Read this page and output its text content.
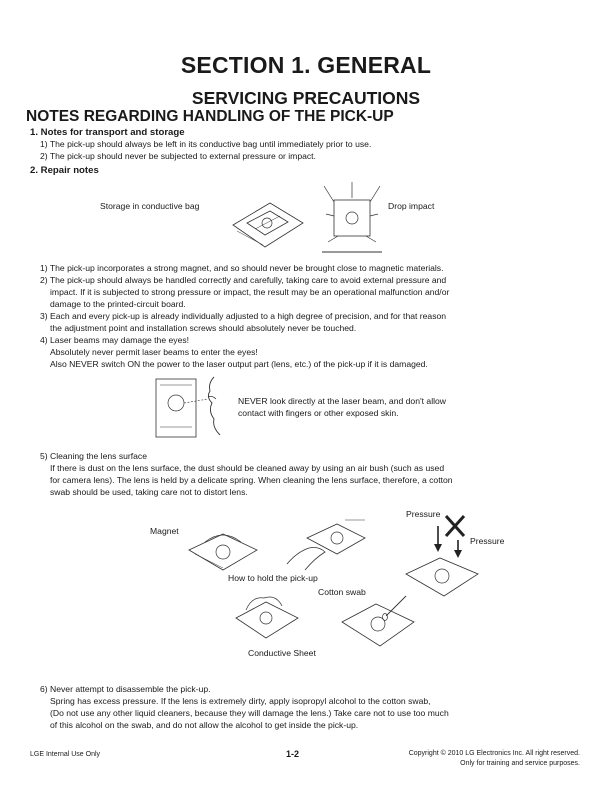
SECTION 1. GENERAL
SERVICING PRECAUTIONS
NOTES REGARDING HANDLING OF THE PICK-UP
1. Notes for transport and storage
1) The pick-up should always be left in its conductive bag until immediately prior to use.
2) The pick-up should never be subjected to external pressure or impact.
2. Repair notes
Storage in conductive bag	Drop impact
1) The pick-up incorporates a strong magnet, and so should never be brought close to magnetic materials.
2) The pick-up should always be handled correctly and carefully, taking care to avoid external pressure and
impact. If it is subjected to strong pressure or impact, the result may be an operational malfunction and/or
damage to the printed-circuit board.
3) Each and every pick-up is already individually adjusted to a high degree of precision, and for that reason
the adjustment point and installation screws should absolutely never be touched.
4) Laser beams may damage the eyes!
Absolutely never permit laser beams to enter the eyes!
Also NEVER switch ON the power to the laser output part (lens, etc.) of the pick-up if it is damaged.
NEVER look directly at the laser beam, and don't allow
contact with fingers or other exposed skin.
5) Cleaning the lens surface
If there is dust on the lens surface, the dust should be cleaned away by using an air bush (such as used
for camera lens). The lens is held by a delicate spring. When cleaning the lens surface, therefore, a cotton
swab should be used, taking care not to distort lens.
Magnet
Pressure
Pressure
How to hold the pick-up
Cotton swab
Conductive Sheet
6) Never attempt to disassemble the pick-up.
Spring has excess pressure. If the lens is extremely dirty, apply isopropyl alcohol to the cotton swab,
(Do not use any other liquid cleaners, because they will damage the lens.) Take care not to use too much
of this alcohol on the swab, and do not allow the alcohol to get inside the pick-up.
LGE Internal Use Only	1-2	Copyright © 2010 LG Electronics Inc. All right reserved.
Only for training and service purposes.
